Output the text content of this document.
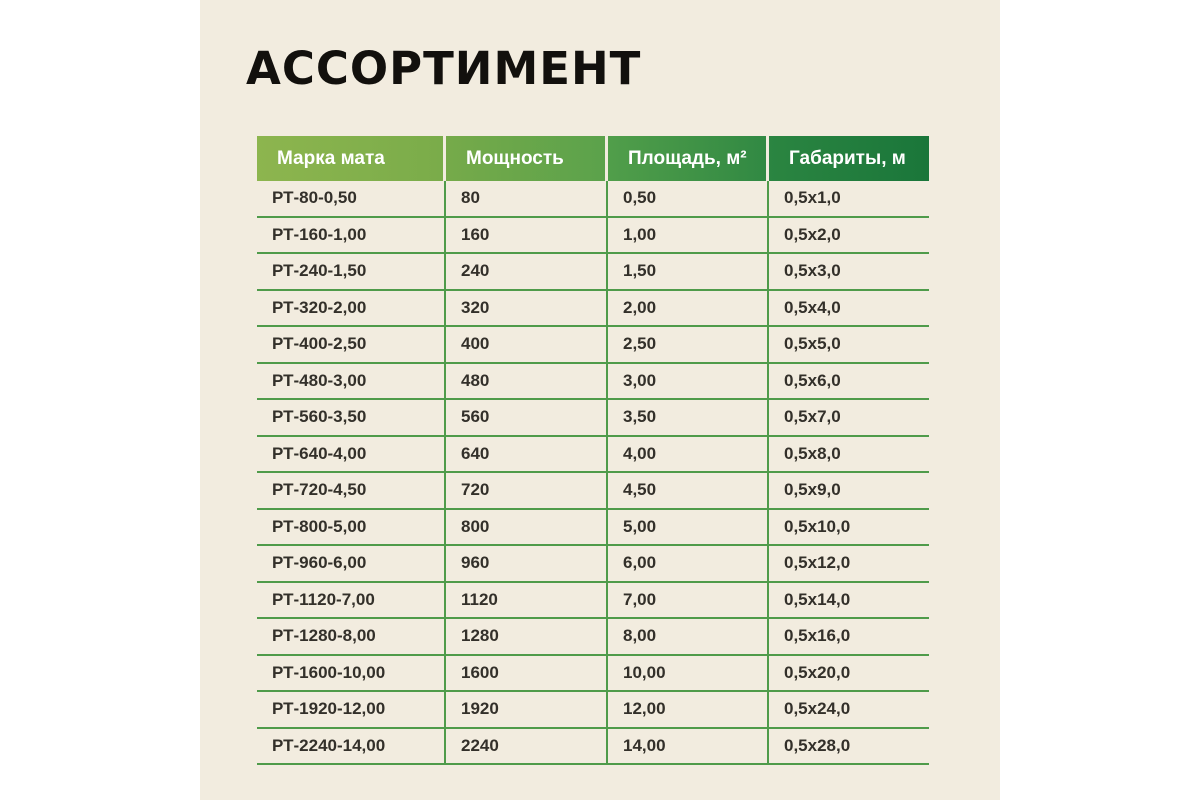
АССОРТИМЕНТ
Марка мата	Мощность	Площадь, м²	Габариты, м
РТ-80-0,50	80	0,50	0,5x1,0
РТ-160-1,00	160	1,00	0,5x2,0
РТ-240-1,50	240	1,50	0,5x3,0
РТ-320-2,00	320	2,00	0,5x4,0
РТ-400-2,50	400	2,50	0,5x5,0
РТ-480-3,00	480	3,00	0,5x6,0
РТ-560-3,50	560	3,50	0,5x7,0
РТ-640-4,00	640	4,00	0,5x8,0
РТ-720-4,50	720	4,50	0,5x9,0
РТ-800-5,00	800	5,00	0,5x10,0
РТ-960-6,00	960	6,00	0,5x12,0
РТ-1120-7,00	1120	7,00	0,5x14,0
РТ-1280-8,00	1280	8,00	0,5x16,0
РТ-1600-10,00	1600	10,00	0,5x20,0
РТ-1920-12,00	1920	12,00	0,5x24,0
РТ-2240-14,00	2240	14,00	0,5x28,0
